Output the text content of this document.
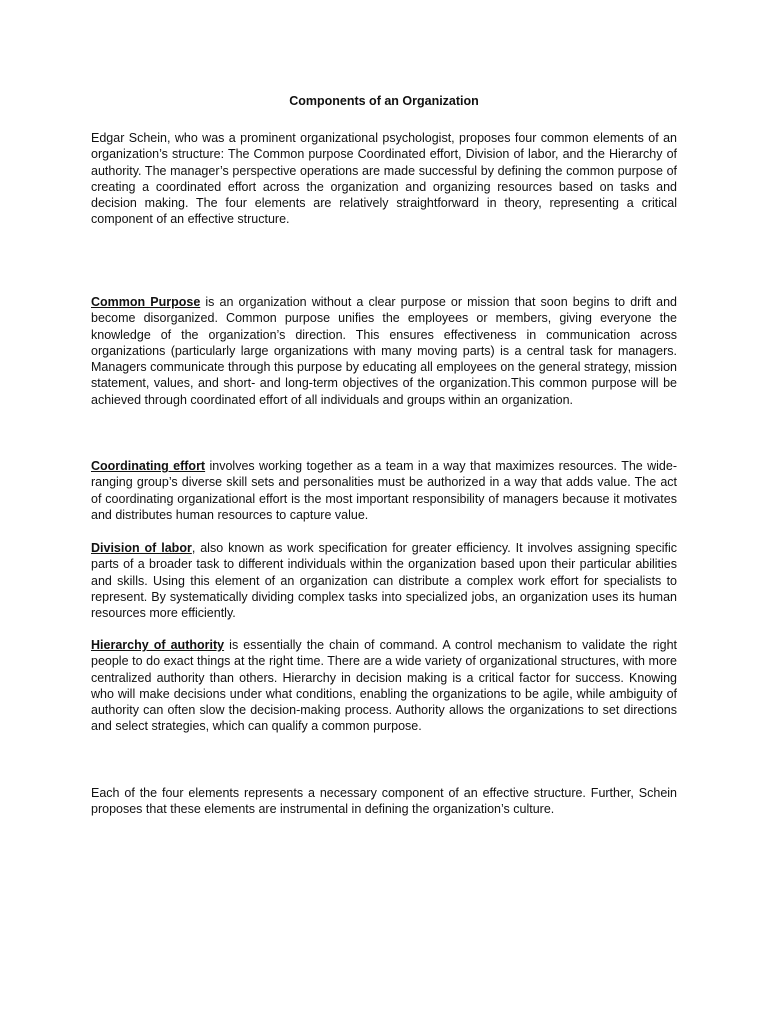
Components of an Organization

Edgar Schein, who was a prominent organizational psychologist, proposes four common elements of an organization’s structure: The Common purpose Coordinated effort, Division of labor, and the Hierarchy of authority. The manager’s perspective operations are made successful by defining the common purpose of creating a coordinated effort across the organization and organizing resources based on tasks and decision making. The four elements are relatively straightforward in theory, representing a critical component of an effective structure.

Common Purpose is an organization without a clear purpose or mission that soon begins to drift and become disorganized. Common purpose unifies the employees or members, giving everyone the knowledge of the organization’s direction. This ensures effectiveness in communication across organizations (particularly large organizations with many moving parts) is a central task for managers. Managers communicate through this purpose by educating all employees on the general strategy, mission statement, values, and short- and long-term objectives of the organization.This common purpose will be achieved through coordinated effort of all individuals and groups within an organization.

Coordinating effort involves working together as a team in a way that maximizes resources. The wide-ranging group’s diverse skill sets and personalities must be authorized in a way that adds value. The act of coordinating organizational effort is the most important responsibility of managers because it motivates and distributes human resources to capture value.

Division of labor, also known as work specification for greater efficiency. It involves assigning specific parts of a broader task to different individuals within the organization based upon their particular abilities and skills. Using this element of an organization can distribute a complex work effort for specialists to represent. By systematically dividing complex tasks into specialized jobs, an organization uses its human resources more efficiently.

Hierarchy of authority is essentially the chain of command. A control mechanism to validate the right people to do exact things at the right time. There are a wide variety of organizational structures, with more centralized authority than others. Hierarchy in decision making is a critical factor for success. Knowing who will make decisions under what conditions, enabling the organizations to be agile, while ambiguity of authority can often slow the decision-making process. Authority allows the organizations to set directions and select strategies, which can qualify a common purpose.

Each of the four elements represents a necessary component of an effective structure. Further, Schein proposes that these elements are instrumental in defining the organization’s culture.
